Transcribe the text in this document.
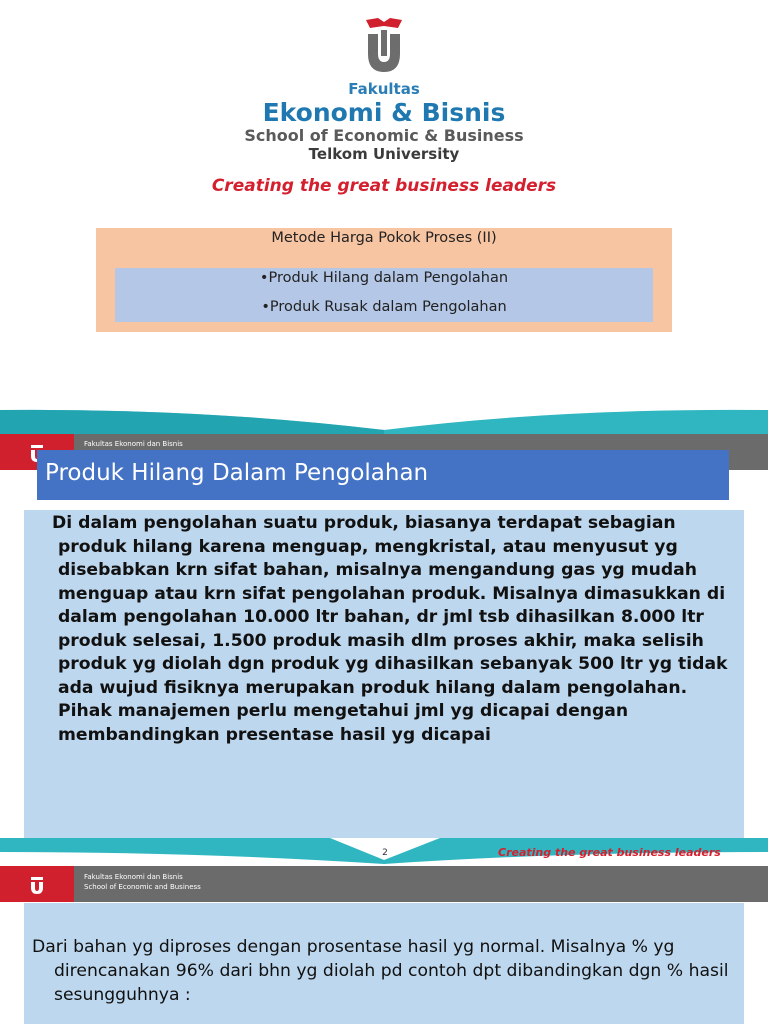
Fakultas
Ekonomi & Bisnis
School of Economic & Business
Telkom University
Creating the great business leaders
Metode Harga Pokok Proses (II)
•Produk Hilang dalam Pengolahan
•Produk Rusak dalam Pengolahan
Fakultas Ekonomi dan Bisnis
Produk Hilang Dalam Pengolahan
Di dalam pengolahan suatu produk, biasanya terdapat sebagian produk hilang karena menguap, mengkristal, atau menyusut yg disebabkan krn sifat bahan, misalnya mengandung gas yg mudah menguap atau krn sifat pengolahan produk. Misalnya dimasukkan di dalam pengolahan 10.000 ltr bahan, dr jml tsb dihasilkan 8.000 ltr produk selesai, 1.500 produk masih dlm proses akhir, maka selisih produk yg diolah dgn produk yg dihasilkan sebanyak 500 ltr yg tidak ada wujud fisiknya merupakan produk hilang dalam pengolahan. Pihak manajemen perlu mengetahui jml yg dicapai dengan membandingkan presentase hasil yg dicapai
2	Creating the great business leaders
Fakultas Ekonomi dan Bisnis
School of Economic and Business
Dari bahan yg diproses dengan prosentase hasil yg normal. Misalnya % yg direncanakan 96% dari bhn yg diolah pd contoh dpt dibandingkan dgn % hasil sesungguhnya :
